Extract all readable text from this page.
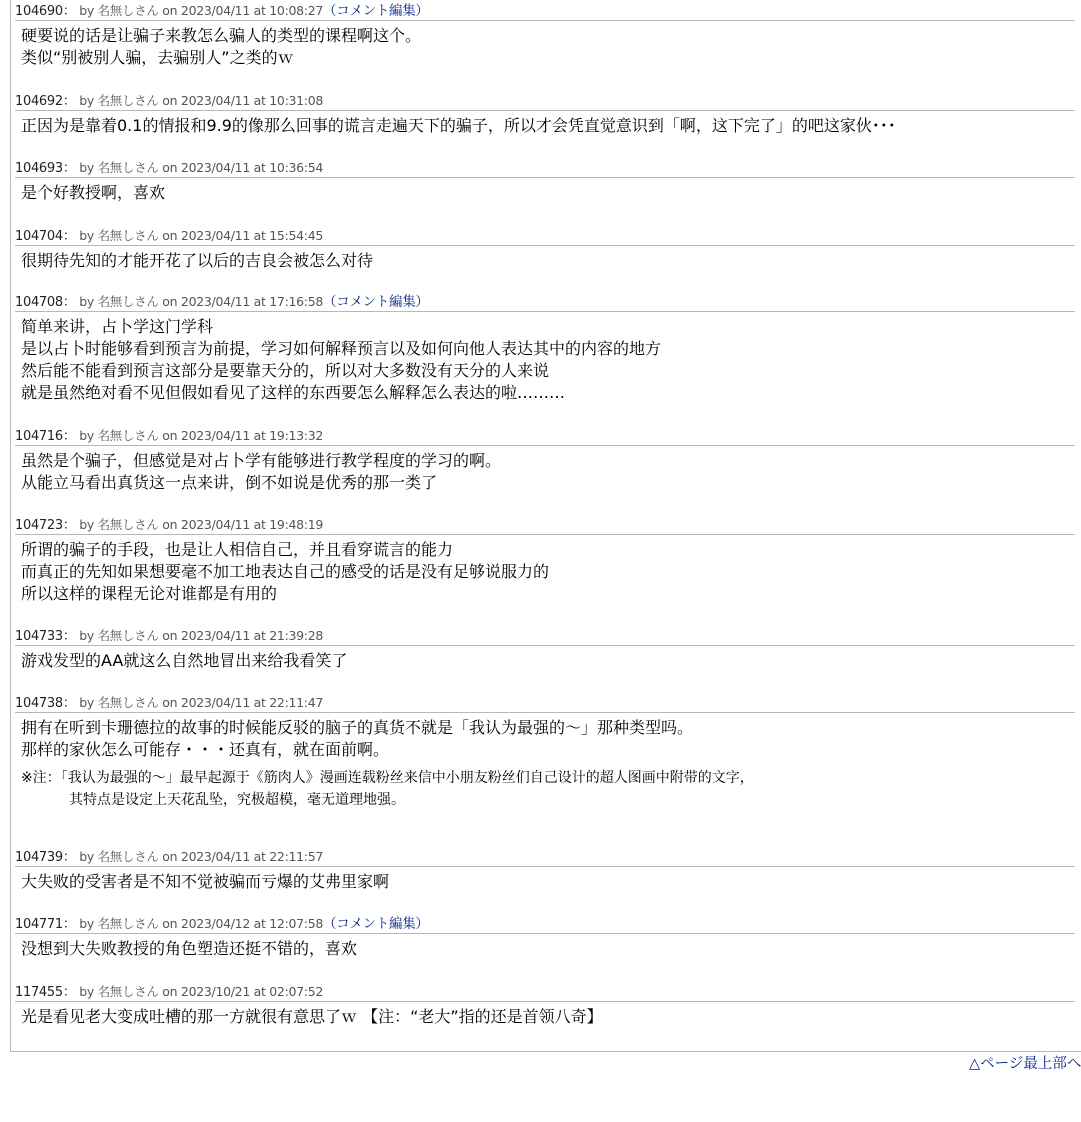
104690： by 名無しさん on 2023/04/11 at 10:08:27（コメント編集）
硬要说的话是让骗子来教怎么骗人的类型的课程啊这个。
类似“别被别人骗，去骗别人”之类的ｗ
104692： by 名無しさん on 2023/04/11 at 10:31:08
正因为是靠着0.1的情报和9.9的像那么回事的谎言走遍天下的骗子，所以才会凭直觉意识到「啊，这下完了」的吧这家伙･･･
104693： by 名無しさん on 2023/04/11 at 10:36:54
是个好教授啊，喜欢
104704： by 名無しさん on 2023/04/11 at 15:54:45
很期待先知的才能开花了以后的吉良会被怎么对待
104708： by 名無しさん on 2023/04/11 at 17:16:58（コメント編集）
简单来讲，占卜学这门学科
是以占卜时能够看到预言为前提，学习如何解释预言以及如何向他人表达其中的内容的地方
然后能不能看到预言这部分是要靠天分的，所以对大多数没有天分的人来说
就是虽然绝对看不见但假如看见了这样的东西要怎么解释怎么表达的啦………
104716： by 名無しさん on 2023/04/11 at 19:13:32
虽然是个骗子，但感觉是对占卜学有能够进行教学程度的学习的啊。
从能立马看出真货这一点来讲，倒不如说是优秀的那一类了
104723： by 名無しさん on 2023/04/11 at 19:48:19
所谓的骗子的手段，也是让人相信自己，并且看穿谎言的能力
而真正的先知如果想要毫不加工地表达自己的感受的话是没有足够说服力的
所以这样的课程无论对谁都是有用的
104733： by 名無しさん on 2023/04/11 at 21:39:28
游戏发型的AA就这么自然地冒出来给我看笑了
104738： by 名無しさん on 2023/04/11 at 22:11:47
拥有在听到卡珊德拉的故事的时候能反驳的脑子的真货不就是「我认为最强的～」那种类型吗。
那样的家伙怎么可能存・・・还真有，就在面前啊。
※注：「我认为最强的～」最早起源于《筋肉人》漫画连载粉丝来信中小朋友粉丝们自己设计的超人图画中附带的文字，
其特点是设定上天花乱坠，究极超模，毫无道理地强。
104739： by 名無しさん on 2023/04/11 at 22:11:57
大失败的受害者是不知不觉被骗而亏爆的艾弗里家啊
104771： by 名無しさん on 2023/04/12 at 12:07:58（コメント編集）
没想到大失败教授的角色塑造还挺不错的，喜欢
117455： by 名無しさん on 2023/10/21 at 02:07:52
光是看见老大变成吐槽的那一方就很有意思了ｗ 【注：“老大”指的还是首领八奇】
△ページ最上部へ
